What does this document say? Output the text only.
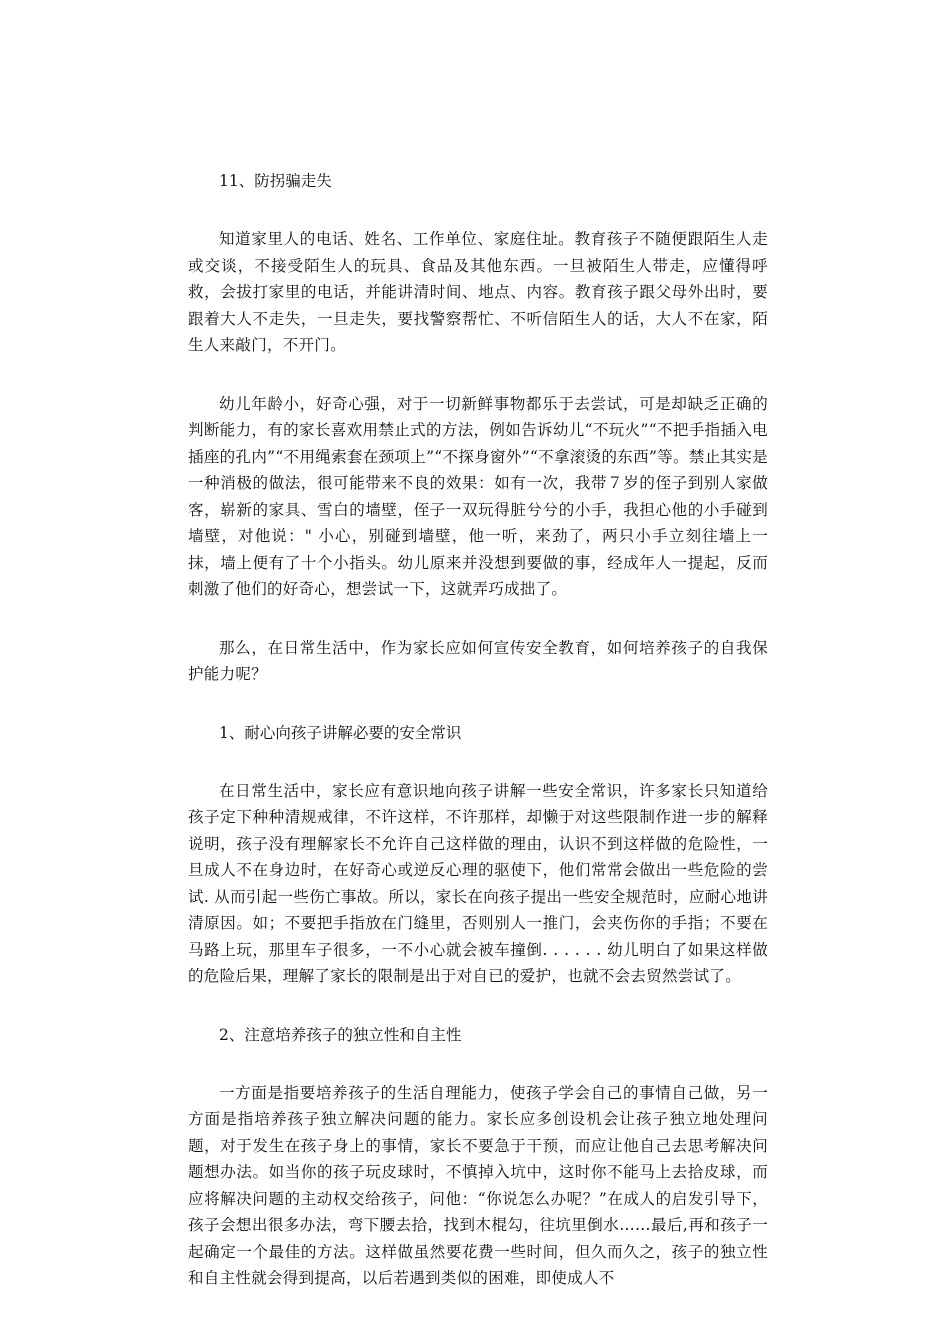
11、防拐骗走失

知道家里人的电话、姓名、工作单位、家庭住址。教育孩子不随便跟陌生人走或交谈，不接受陌生人的玩具、食品及其他东西。一旦被陌生人带走，应懂得呼救，会拔打家里的电话，并能讲清时间、地点、内容。教育孩子跟父母外出时，要跟着大人不走失，一旦走失，要找警察帮忙、不听信陌生人的话，大人不在家，陌生人来敲门，不开门。

幼儿年龄小，好奇心强，对于一切新鲜事物都乐于去尝试，可是却缺乏正确的判断能力，有的家长喜欢用禁止式的方法，例如告诉幼儿“不玩火”“不把手指插入电插座的孔内”“不用绳索套在颈项上”“不探身窗外”“不拿滚烫的东西”等。禁止其实是一种消极的做法，很可能带来不良的效果：如有一次，我带７岁的侄子到别人家做客，崭新的家具、雪白的墙壁，侄子一双玩得脏兮兮的小手，我担心他的小手碰到墙壁，对他说：" 小心，别碰到墙壁，他一听，来劲了，两只小手立刻往墙上一抹，墙上便有了十个小指头。幼儿原来并没想到要做的事，经成年人一提起，反而刺激了他们的好奇心，想尝试一下，这就弄巧成拙了。

那么，在日常生活中，作为家长应如何宣传安全教育，如何培养孩子的自我保护能力呢？

1、耐心向孩子讲解必要的安全常识

在日常生活中，家长应有意识地向孩子讲解一些安全常识，许多家长只知道给孩子定下种种清规戒律，不许这样，不许那样，却懒于对这些限制作进一步的解释说明，孩子没有理解家长不允许自己这样做的理由，认识不到这样做的危险性，一旦成人不在身边时，在好奇心或逆反心理的驱使下，他们常常会做出一些危险的尝试. 从而引起一些伤亡事故。所以，家长在向孩子提出一些安全规范时，应耐心地讲清原因。如；不要把手指放在门缝里，否则别人一推门，会夹伤你的手指；不要在马路上玩，那里车子很多，一不小心就会被车撞倒. . . . . . 幼儿明白了如果这样做的危险后果，理解了家长的限制是出于对自已的爱护，也就不会去贸然尝试了。

2、注意培养孩子的独立性和自主性

一方面是指要培养孩子的生活自理能力，使孩子学会自己的事情自己做，另一方面是指培养孩子独立解决问题的能力。家长应多创设机会让孩子独立地处理问题，对于发生在孩子身上的事情，家长不要急于干预，而应让他自己去思考解决问题想办法。如当你的孩子玩皮球时，不慎掉入坑中，这时你不能马上去拾皮球，而应将解决问题的主动权交给孩子，问他：“你说怎么办呢？”在成人的启发引导下，孩子会想出很多办法，弯下腰去拾，找到木棍勾，往坑里倒水……最后,再和孩子一起确定一个最佳的方法。这样做虽然要花费一些时间，但久而久之，孩子的独立性和自主性就会得到提高，以后若遇到类似的困难，即使成人不
